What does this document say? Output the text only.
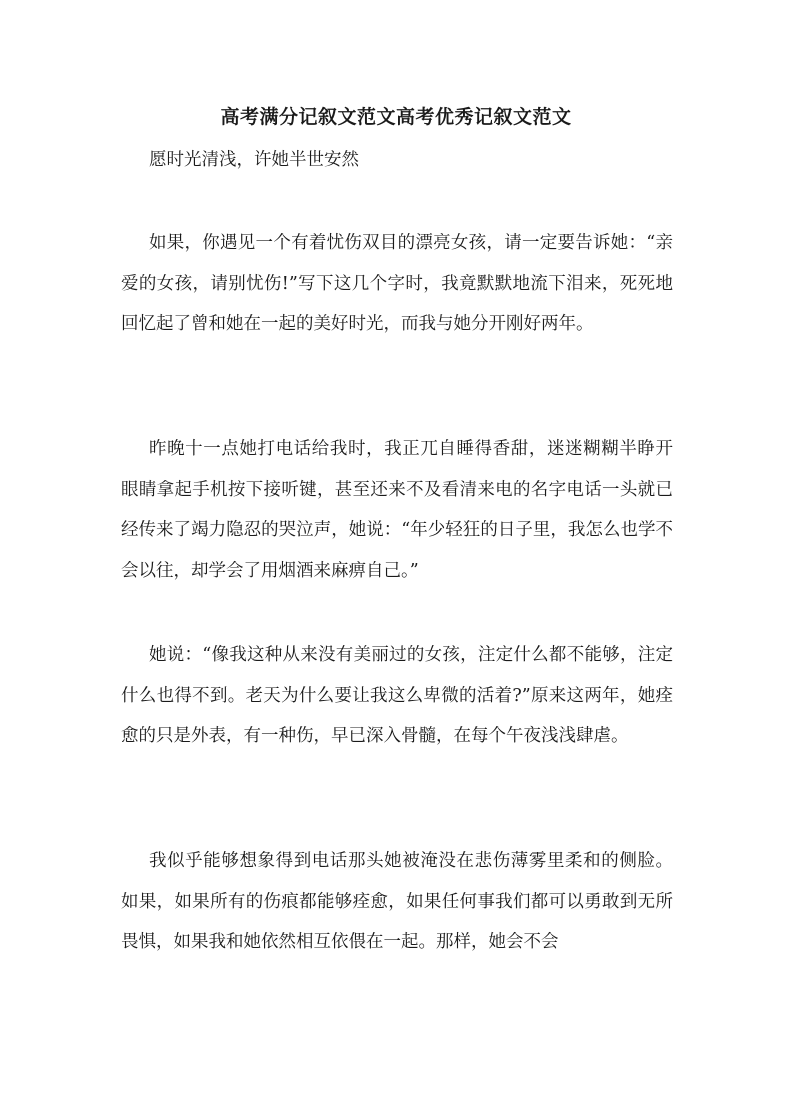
高考满分记叙文范文高考优秀记叙文范文
愿时光清浅，许她半世安然

如果，你遇见一个有着忧伤双目的漂亮女孩，请一定要告诉她：“亲爱的女孩，请别忧伤!”写下这几个字时，我竟默默地流下泪来，死死地回忆起了曾和她在一起的美好时光，而我与她分开刚好两年。

昨晚十一点她打电话给我时，我正兀自睡得香甜，迷迷糊糊半睁开眼睛拿起手机按下接听键，甚至还来不及看清来电的名字电话一头就已经传来了竭力隐忍的哭泣声，她说：“年少轻狂的日子里，我怎么也学不会以往，却学会了用烟酒来麻痹自己。”

她说：“像我这种从来没有美丽过的女孩，注定什么都不能够，注定什么也得不到。老天为什么要让我这么卑微的活着?”原来这两年，她痊愈的只是外表，有一种伤，早已深入骨髓，在每个午夜浅浅肆虐。

我似乎能够想象得到电话那头她被淹没在悲伤薄雾里柔和的侧脸。如果，如果所有的伤痕都能够痊愈，如果任何事我们都可以勇敢到无所畏惧，如果我和她依然相互依偎在一起。那样，她会不会
